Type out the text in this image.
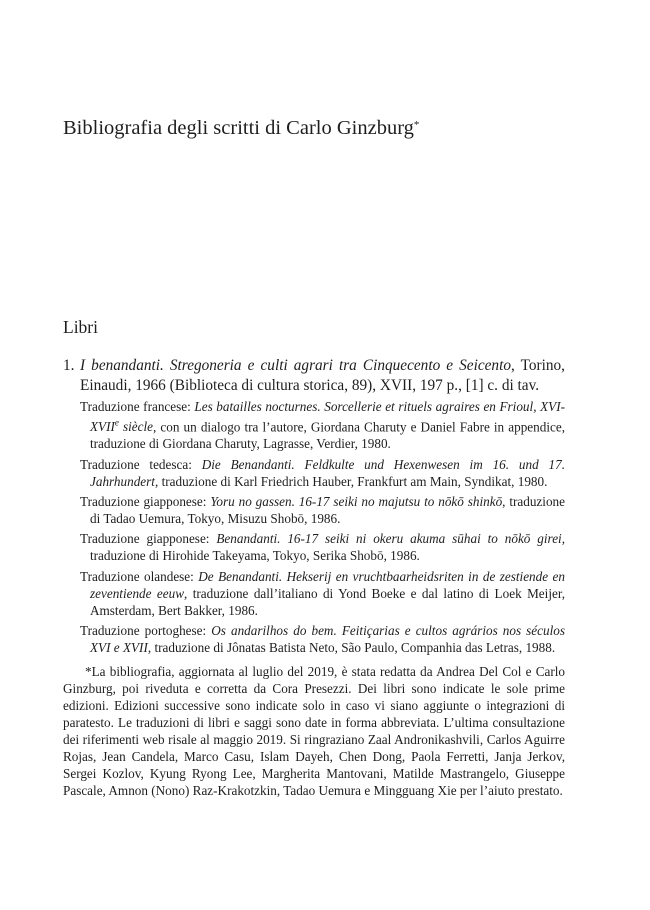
Bibliografia degli scritti di Carlo Ginzburg*
Libri

1. I benandanti. Stregoneria e culti agrari tra Cinquecento e Seicento, Torino, Einaudi, 1966 (Biblioteca di cultura storica, 89), XVII, 197 p., [1] c. di tav.

Traduzione francese: Les batailles nocturnes. Sorcellerie et rituels agraires en Frioul, XVI-XVIIe siècle, con un dialogo tra l’autore, Giordana Charuty e Daniel Fabre in appendice, traduzione di Giordana Charuty, Lagrasse, Verdier, 1980.

Traduzione tedesca: Die Benandanti. Feldkulte und Hexenwesen im 16. und 17. Jahrhundert, traduzione di Karl Friedrich Hauber, Frankfurt am Main, Syndikat, 1980.

Traduzione giapponese: Yoru no gassen. 16-17 seiki no majutsu to nōkō shinkō, traduzione di Tadao Uemura, Tokyo, Misuzu Shobō, 1986.

Traduzione giapponese: Benandanti. 16-17 seiki ni okeru akuma sūhai to nōkō girei, traduzione di Hirohide Takeyama, Tokyo, Serika Shobō, 1986.

Traduzione olandese: De Benandanti. Hekserij en vruchtbaarheidsriten in de zestiende en zeventiende eeuw, traduzione dall’italiano di Yond Boeke e dal latino di Loek Meijer, Amsterdam, Bert Bakker, 1986.

Traduzione portoghese: Os andarilhos do bem. Feitiçarias e cultos agrários nos séculos XVI e XVII, traduzione di Jônatas Batista Neto, São Paulo, Companhia das Letras, 1988.

*La bibliografia, aggiornata al luglio del 2019, è stata redatta da Andrea Del Col e Carlo Ginzburg, poi riveduta e corretta da Cora Presezzi. Dei libri sono indicate le sole prime edizioni. Edizioni successive sono indicate solo in caso vi siano aggiunte o integrazioni di paratesto. Le traduzioni di libri e saggi sono date in forma abbreviata. L’ultima consultazione dei riferimenti web risale al maggio 2019. Si ringraziano Zaal Andronikashvili, Carlos Aguirre Rojas, Jean Candela, Marco Casu, Islam Dayeh, Chen Dong, Paola Ferretti, Janja Jerkov, Sergei Kozlov, Kyung Ryong Lee, Margherita Mantovani, Matilde Mastrangelo, Giuseppe Pascale, Amnon (Nono) Raz-Krakotzkin, Tadao Uemura e Mingguang Xie per l’aiuto prestato.
